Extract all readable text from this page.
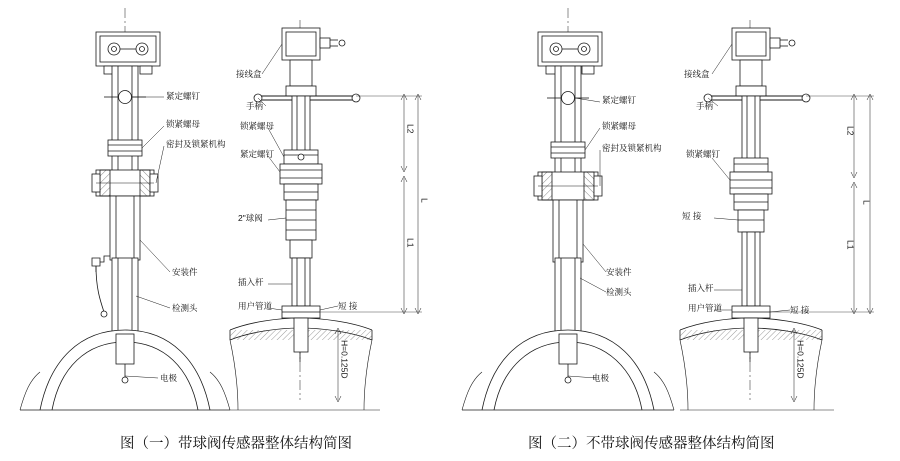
紧定螺钉
锁紧螺母
密封及锁紧机构
安装件
检测头
电极
接线盒
手柄
锁紧螺母
紧定螺钉
2"球阀
插入杆
用户管道	短 接
L2
L1
L
H=0.125D
紧定螺钉
锁紧螺母
密封及锁紧机构
安装件
检测头
电极
接线盒
手柄
锁紧螺钉
短 接
插入杆
用户管道	短 接
L2
L1
L
H=0.125D
图（一）带球阀传感器整体结构简图	图（二）不带球阀传感器整体结构简图
